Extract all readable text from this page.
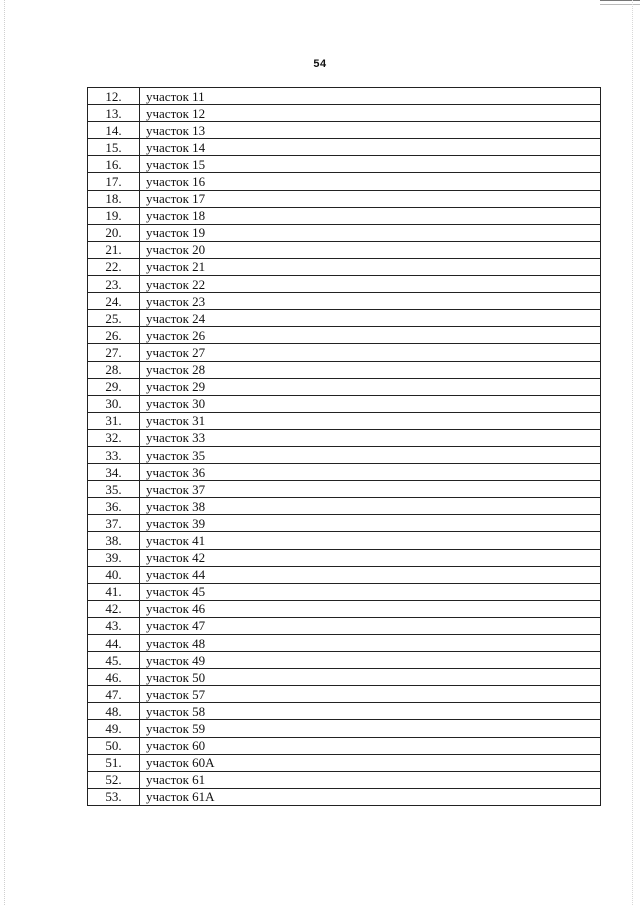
54
12.	участок 11
13.	участок 12
14.	участок 13
15.	участок 14
16.	участок 15
17.	участок 16
18.	участок 17
19.	участок 18
20.	участок 19
21.	участок 20
22.	участок 21
23.	участок 22
24.	участок 23
25.	участок 24
26.	участок 26
27.	участок 27
28.	участок 28
29.	участок 29
30.	участок 30
31.	участок 31
32.	участок 33
33.	участок 35
34.	участок 36
35.	участок 37
36.	участок 38
37.	участок 39
38.	участок 41
39.	участок 42
40.	участок 44
41.	участок 45
42.	участок 46
43.	участок 47
44.	участок 48
45.	участок 49
46.	участок 50
47.	участок 57
48.	участок 58
49.	участок 59
50.	участок 60
51.	участок 60А
52.	участок 61
53.	участок 61А
